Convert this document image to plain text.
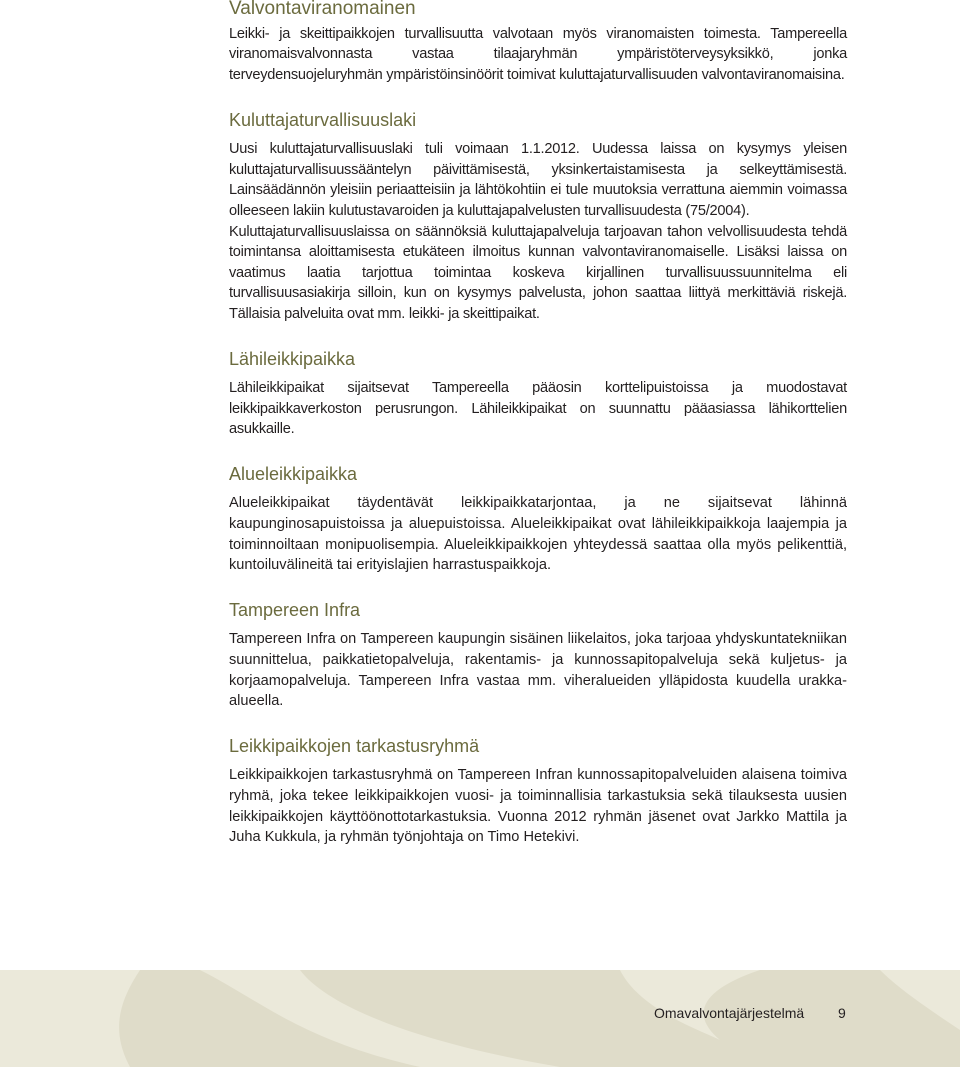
Valvontaviranomainen

Leikki- ja skeittipaikkojen turvallisuutta valvotaan myös viranomaisten toimesta. Tampereella viranomaisvalvonnasta vastaa tilaajaryhmän ympäristöterveysyksikkö, jonka terveydensuojeluryhmän ympäristöinsinöörit toimivat kuluttajaturvallisuuden valvontaviranomaisina.

Kuluttajaturvallisuuslaki

Uusi kuluttajaturvallisuuslaki tuli voimaan 1.1.2012. Uudessa laissa on kysymys yleisen kuluttajaturvallisuussääntelyn päivittämisestä, yksinkertaistamisesta ja selkeyttämisestä. Lainsäädännön yleisiin periaatteisiin ja lähtökohtiin ei tule muutoksia verrattuna aiemmin voimassa olleeseen lakiin kulutustavaroiden ja kuluttajapalvelusten turvallisuudesta (75/2004).

Kuluttajaturvallisuuslaissa on säännöksiä kuluttajapalveluja tarjoavan tahon velvollisuudesta tehdä toimintansa aloittamisesta etukäteen ilmoitus kunnan valvontaviranomaiselle. Lisäksi laissa on vaatimus laatia tarjottua toimintaa koskeva kirjallinen turvallisuussuunnitelma eli turvallisuusasiakirja silloin, kun on kysymys palvelusta, johon saattaa liittyä merkittäviä riskejä. Tällaisia palveluita ovat mm. leikki- ja skeittipaikat.

Lähileikkipaikka

Lähileikkipaikat sijaitsevat Tampereella pääosin korttelipuistoissa ja muodostavat leikkipaikkaverkoston perusrungon. Lähileikkipaikat on suunnattu pääasiassa lähikorttelien asukkaille.

Alueleikkipaikka

Alueleikkipaikat täydentävät leikkipaikkatarjontaa, ja ne sijaitsevat lähinnä kaupunginosapuistoissa ja aluepuistoissa. Alueleikkipaikat ovat lähileikkipaikkoja laajempia ja toiminnoiltaan monipuolisempia. Alueleikkipaikkojen yhteydessä saattaa olla myös pelikenttiä, kuntoiluvälineitä tai erityislajien harrastuspaikkoja.

Tampereen Infra

Tampereen Infra on Tampereen kaupungin sisäinen liikelaitos, joka tarjoaa yhdyskuntatekniikan suunnittelua, paikkatietopalveluja, rakentamis- ja kunnossapitopalveluja sekä kuljetus- ja korjaamopalveluja. Tampereen Infra vastaa mm. viheralueiden ylläpidosta kuudella urakka-alueella.

Leikkipaikkojen tarkastusryhmä

Leikkipaikkojen tarkastusryhmä on Tampereen Infran kunnossapitopalveluiden alaisena toimiva ryhmä, joka tekee leikkipaikkojen vuosi- ja toiminnallisia tarkastuksia sekä tilauksesta uusien leikkipaikkojen käyttöönottotarkastuksia. Vuonna 2012 ryhmän jäsenet ovat Jarkko Mattila ja Juha Kukkula, ja ryhmän työnjohtaja on Timo Hetekivi.

Omavalvontajärjestelmä 9
